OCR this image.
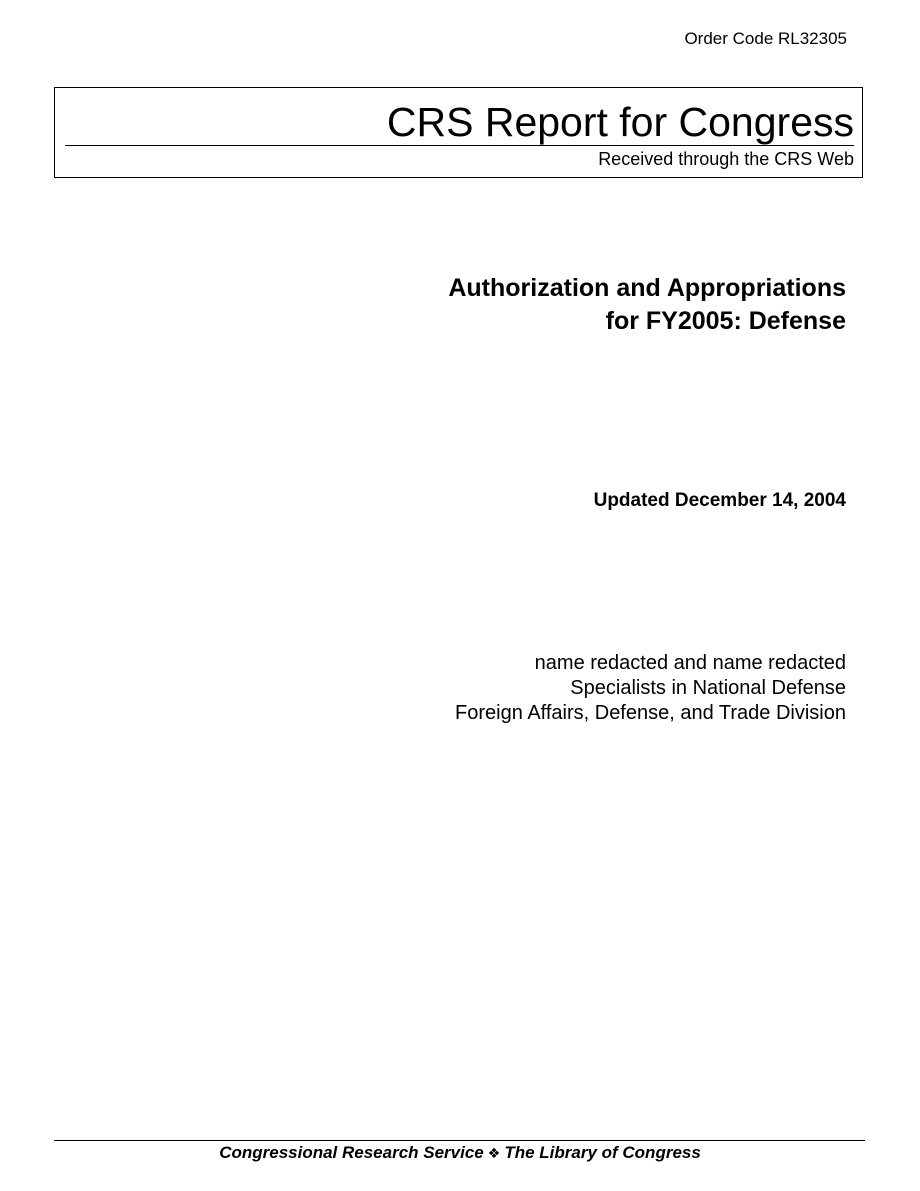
Order Code RL32305
CRS Report for Congress
Received through the CRS Web
Authorization and Appropriations
for FY2005: Defense
Updated December 14, 2004
name redacted and name redacted
Specialists in National Defense
Foreign Affairs, Defense, and Trade Division
Congressional Research Service ❖ The Library of Congress
